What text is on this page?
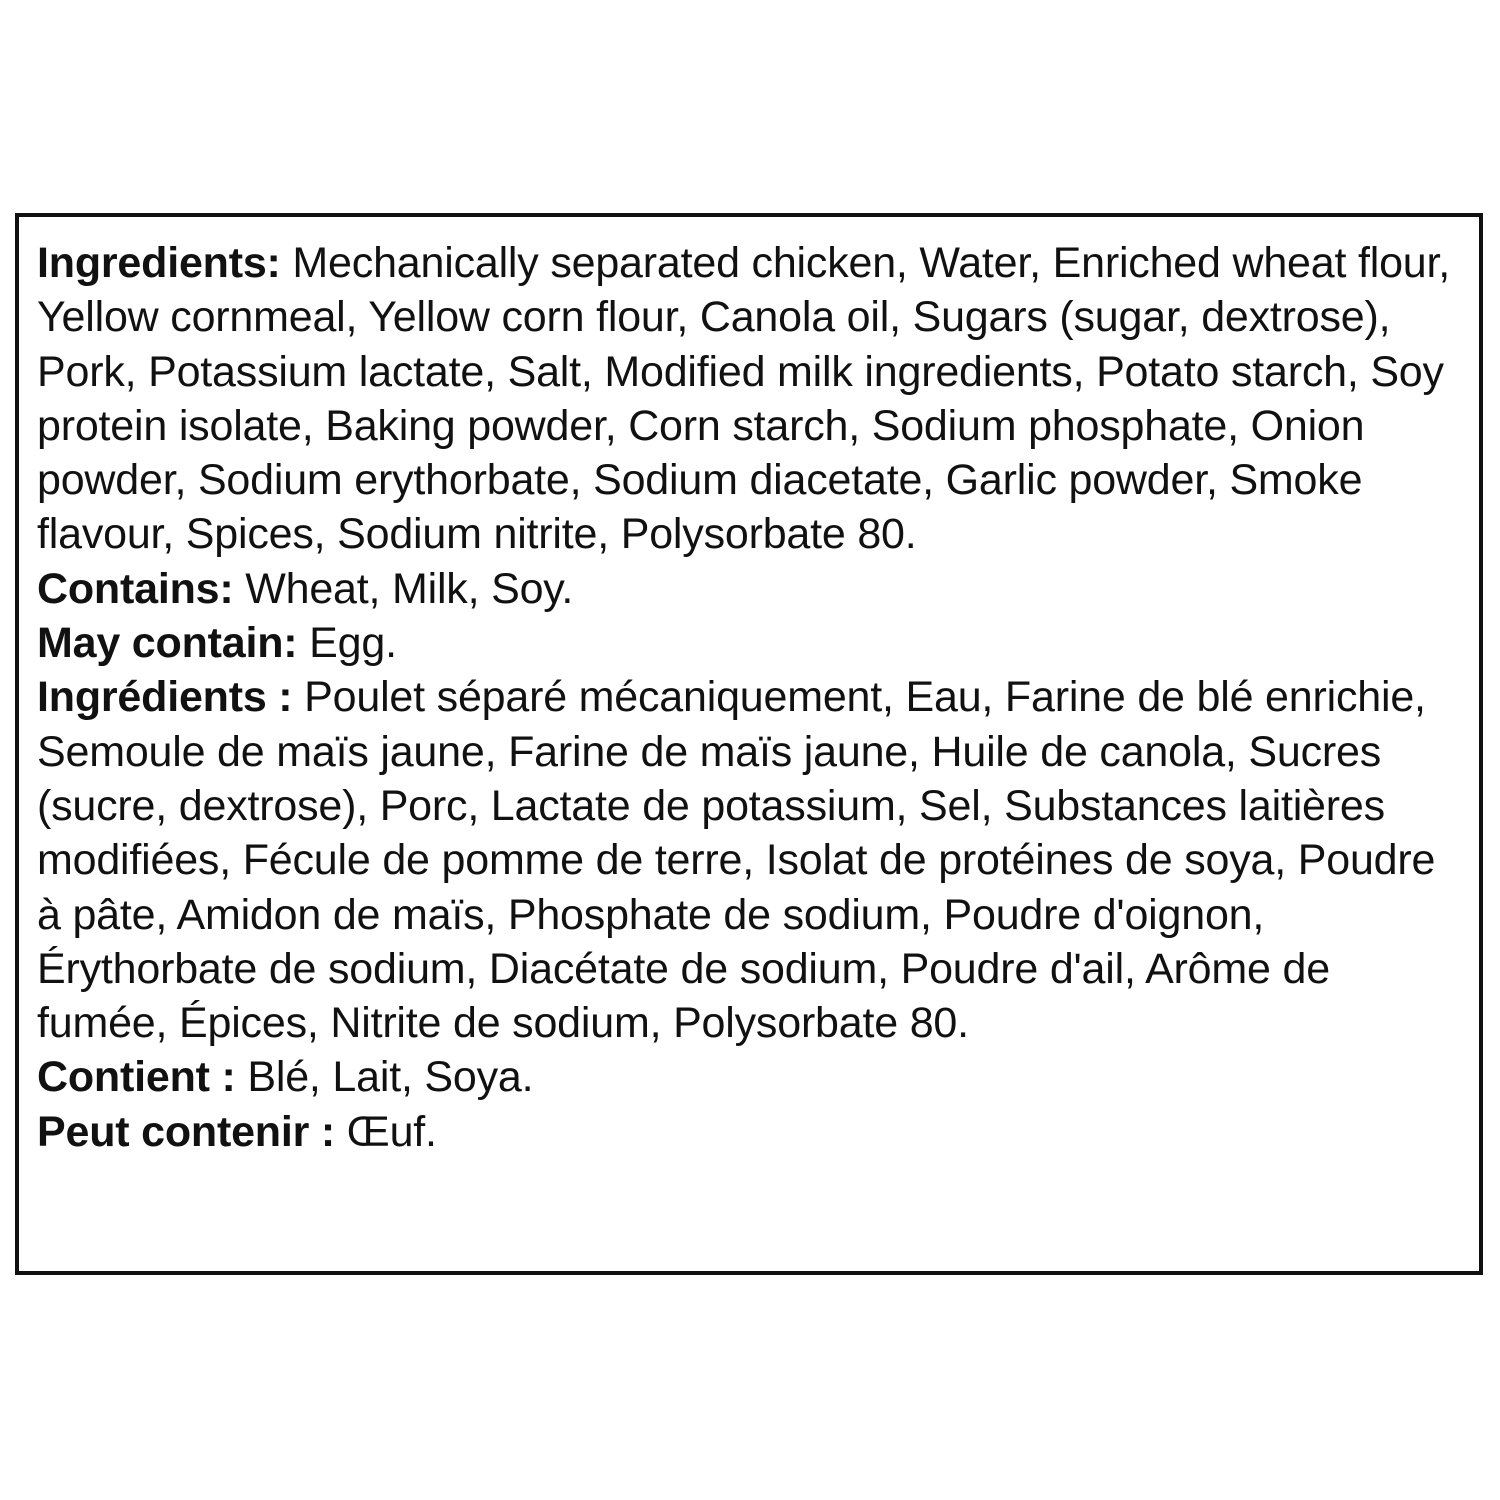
Ingredients: Mechanically separated chicken, Water, Enriched wheat flour, Yellow cornmeal, Yellow corn flour, Canola oil, Sugars (sugar, dextrose), Pork, Potassium lactate, Salt, Modified milk ingredients, Potato starch, Soy protein isolate, Baking powder, Corn starch, Sodium phosphate, Onion powder, Sodium erythorbate, Sodium diacetate, Garlic powder, Smoke flavour, Spices, Sodium nitrite, Polysorbate 80.

Contains: Wheat, Milk, Soy.

May contain: Egg.

Ingrédients : Poulet séparé mécaniquement, Eau, Farine de blé enrichie, Semoule de maïs jaune, Farine de maïs jaune, Huile de canola, Sucres (sucre, dextrose), Porc, Lactate de potassium, Sel, Substances laitières modifiées, Fécule de pomme de terre, Isolat de protéines de soya, Poudre à pâte, Amidon de maïs, Phosphate de sodium, Poudre d'oignon, Érythorbate de sodium, Diacétate de sodium, Poudre d'ail, Arôme de fumée, Épices, Nitrite de sodium, Polysorbate 80.

Contient : Blé, Lait, Soya.

Peut contenir : Œuf.
